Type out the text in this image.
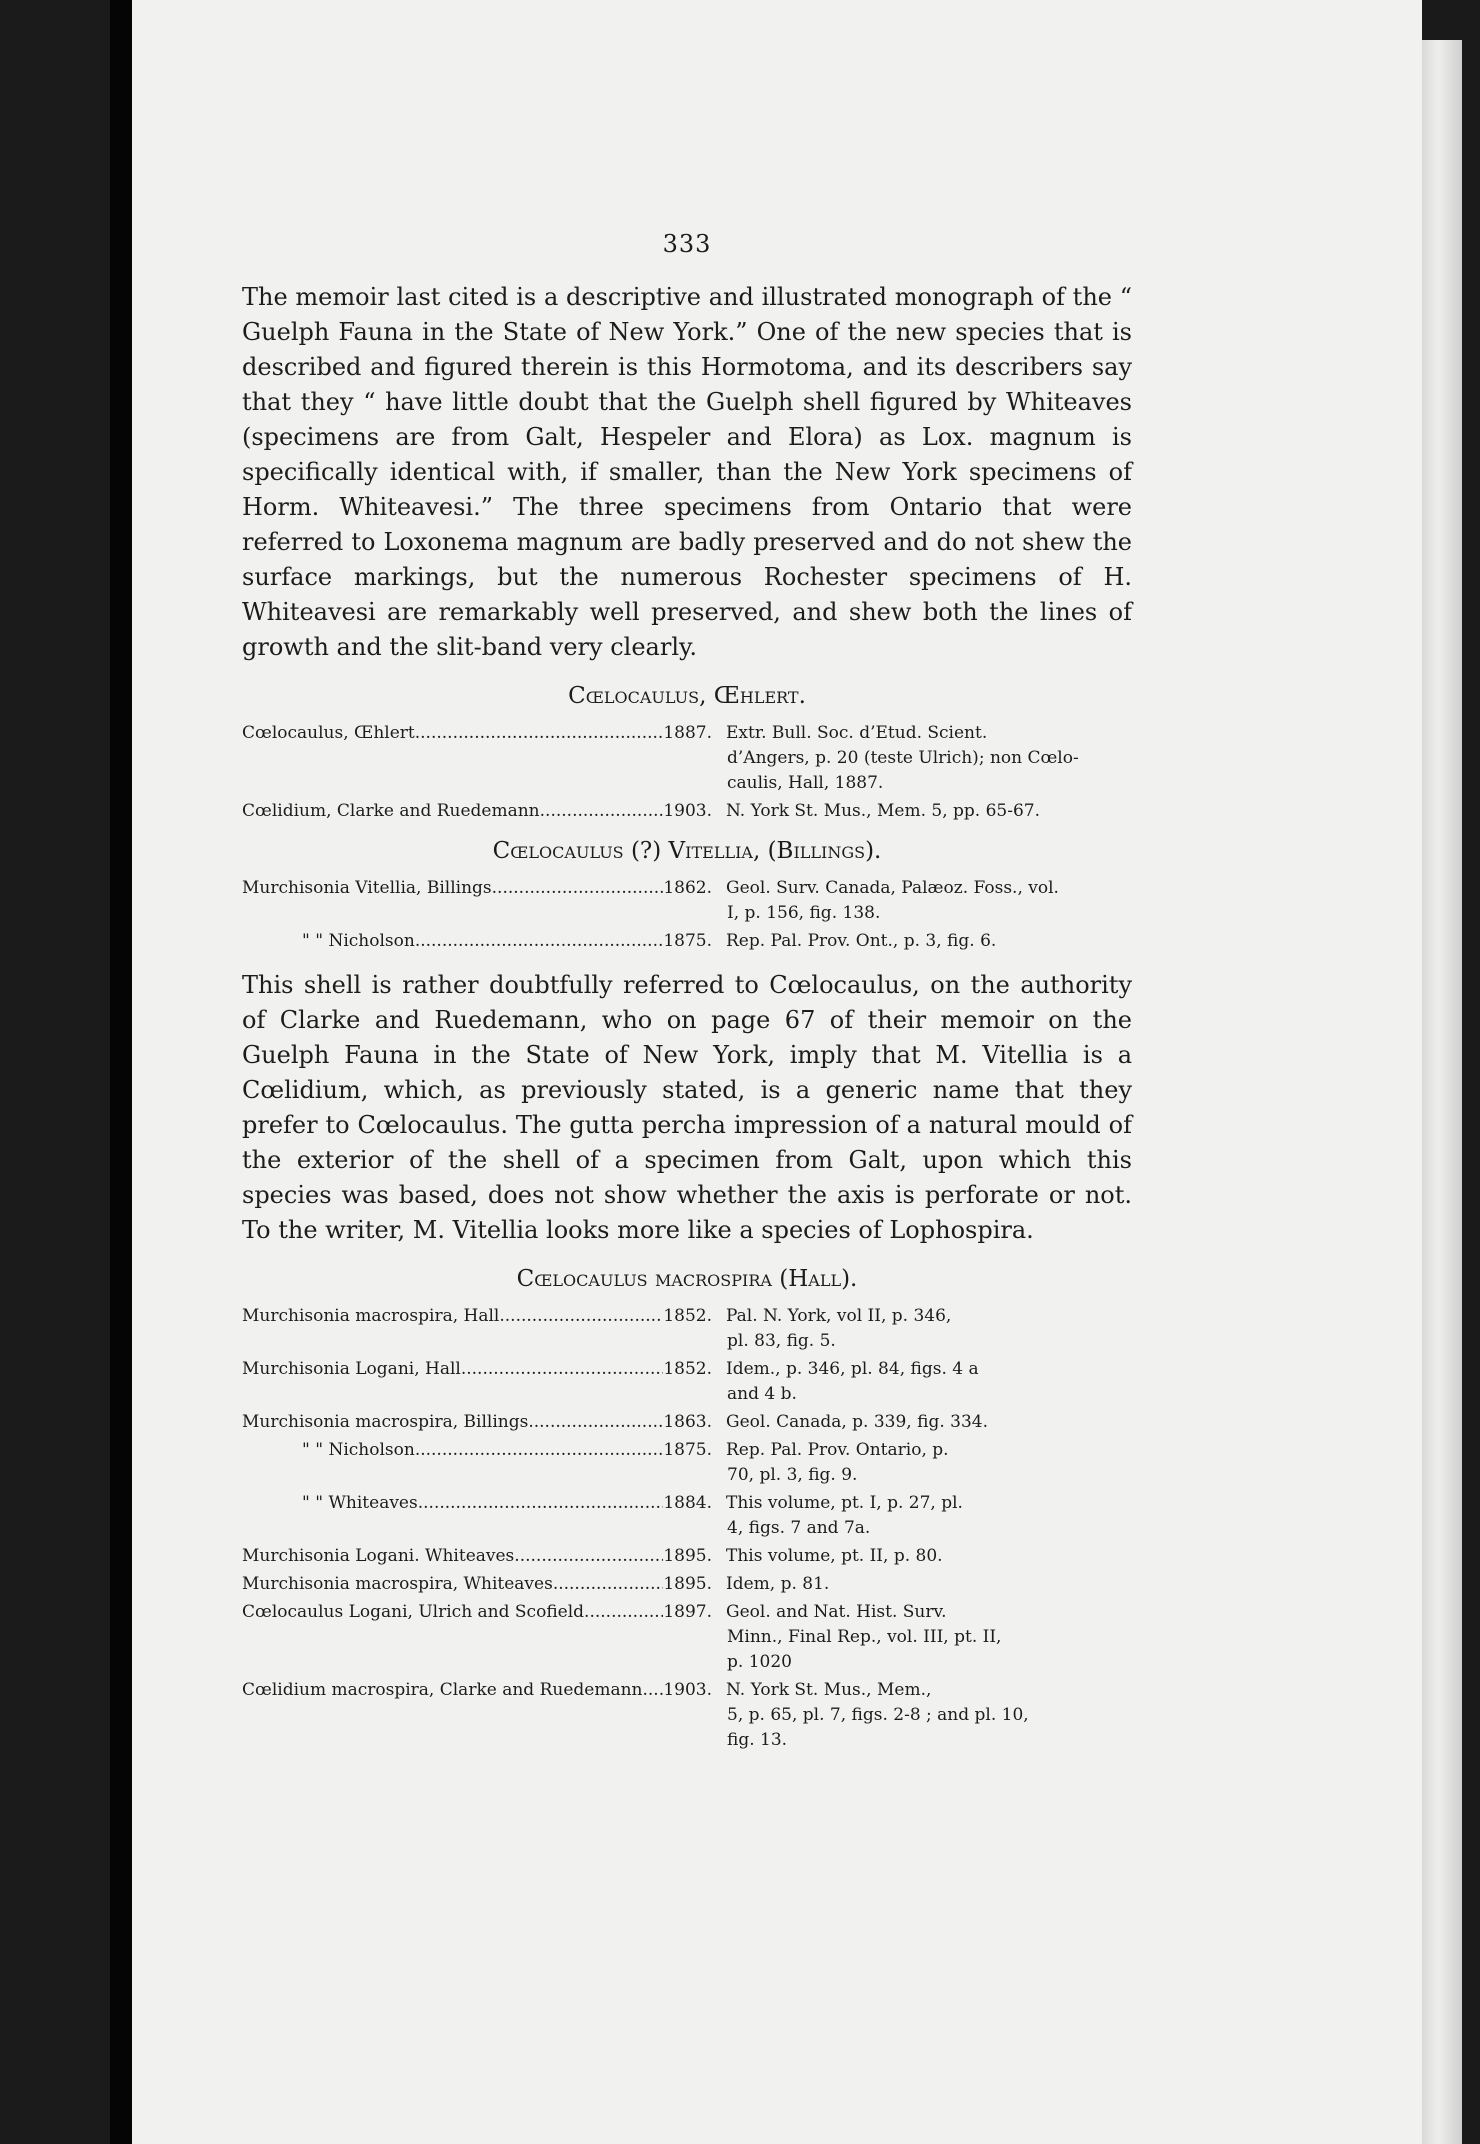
333

The memoir last cited is a descriptive and illustrated monograph of the “ Guelph Fauna in the State of New York.” One of the new species that is described and figured therein is this Hormotoma, and its describers say that they “ have little doubt that the Guelph shell figured by Whiteaves (specimens are from Galt, Hespeler and Elora) as Lox. magnum is specifically identical with, if smaller, than the New York specimens of Horm. Whiteavesi.” The three specimens from Ontario that were referred to Loxonema magnum are badly preserved and do not shew the surface markings, but the numerous Rochester specimens of H. Whiteavesi are remarkably well preserved, and shew both the lines of growth and the slit-band very clearly.

Cœlocaulus, Œhlert.
Cœlocaulus, Œhlert .....	1887. Extr. Bull. Soc. d’Etud. Scient.
d’Angers, p. 20 (teste Ulrich); non Cœlo-
caulis, Hall, 1887.
Cœlidium, Clarke and Ruedemann .....	1903. N. York St. Mus., Mem. 5, pp. 65-67.
Cœlocaulus (?) Vitellia, (Billings).
Murchisonia Vitellia, Billings .....	1862. Geol. Surv. Canada, Palæoz. Foss., vol.
I, p. 156, fig. 138.
" " Nicholson .....	1875. Rep. Pal. Prov. Ont., p. 3, fig. 6.

This shell is rather doubtfully referred to Cœlocaulus, on the authority of Clarke and Ruedemann, who on page 67 of their memoir on the Guelph Fauna in the State of New York, imply that M. Vitellia is a Cœlidium, which, as previously stated, is a generic name that they prefer to Cœlocaulus. The gutta percha impression of a natural mould of the exterior of the shell of a specimen from Galt, upon which this species was based, does not show whether the axis is perforate or not. To the writer, M. Vitellia looks more like a species of Lophospira.

Cœlocaulus macrospira (Hall).
Murchisonia macrospira, Hall .....	1852. Pal. N. York, vol II, p. 346,
pl. 83, fig. 5.
Murchisonia Logani, Hall .....	1852. Idem., p. 346, pl. 84, figs. 4 a
and 4 b.
Murchisonia macrospira, Billings .....	1863. Geol. Canada, p. 339, fig. 334.
" " Nicholson .....	1875. Rep. Pal. Prov. Ontario, p.
70, pl. 3, fig. 9.
" " Whiteaves .....	1884. This volume, pt. I, p. 27, pl.
4, figs. 7 and 7a.
Murchisonia Logani. Whiteaves .....	1895. This volume, pt. II, p. 80.
Murchisonia macrospira, Whiteaves .....	1895. Idem, p. 81.
Cœlocaulus Logani, Ulrich and Scofield .....	1897. Geol. and Nat. Hist. Surv.
Minn., Final Rep., vol. III, pt. II,
p. 1020
Cœlidium macrospira, Clarke and Ruedemann ..... 1903. N. York St. Mus., Mem.,
5, p. 65, pl. 7, figs. 2-8 ; and pl. 10,
fig. 13.
